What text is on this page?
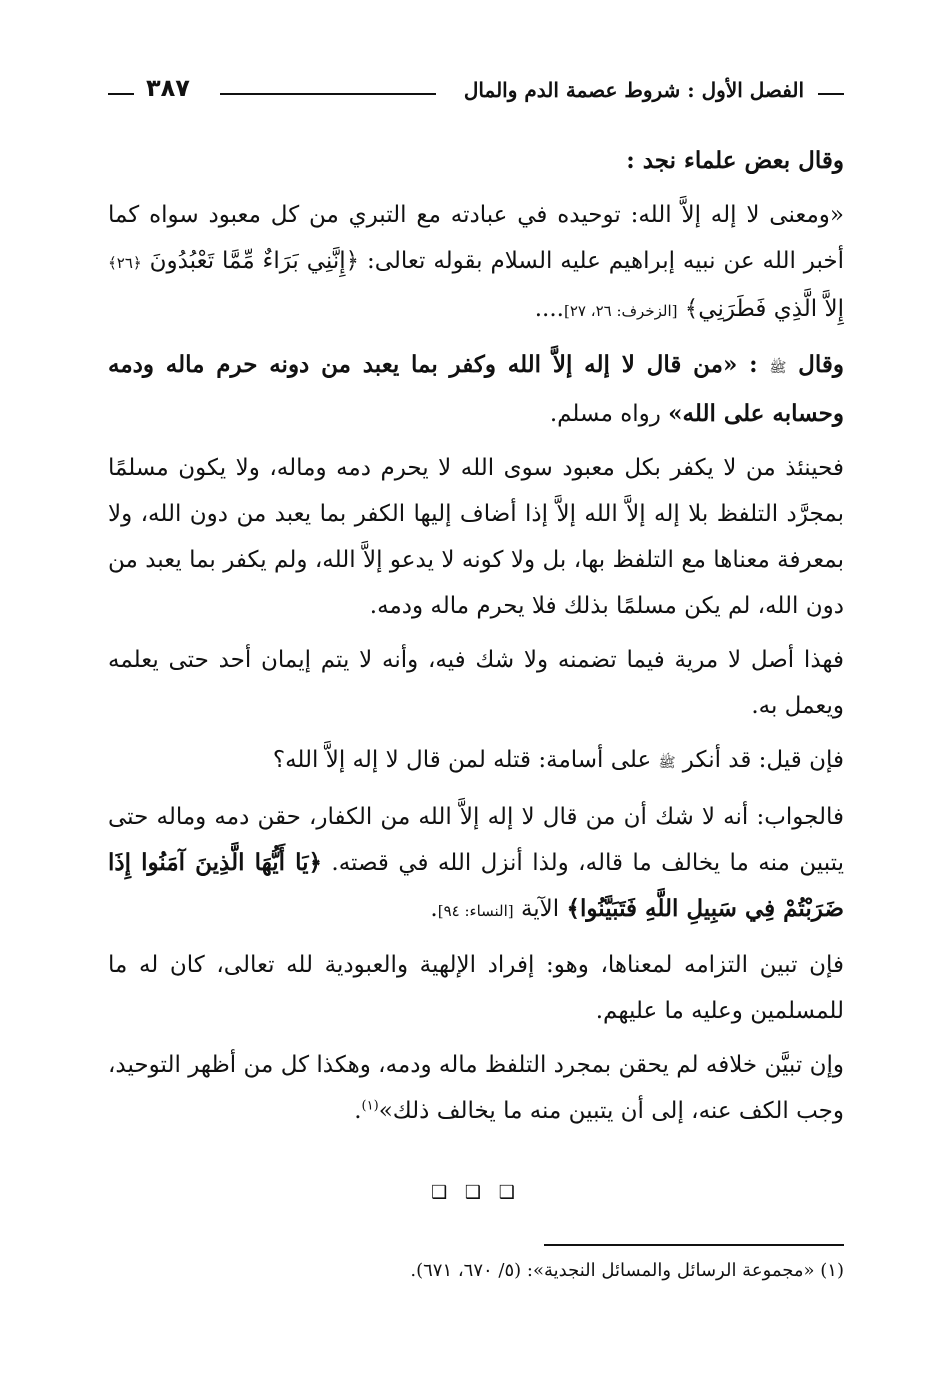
الفصل الأول : شروط عصمة الدم والمال
٣٨٧

وقال بعض علماء نجد :

«ومعنى لا إله إلاَّ الله: توحيده في عبادته مع التبري من كل معبود سواه كما أخبر الله عن نبيه إبراهيم عليه السلام بقوله تعالى: ﴿إِنَّنِي بَرَاءٌ مِّمَّا تَعْبُدُونَ ﴿٢٦﴾ إِلاَّ الَّذِي فَطَرَنِي﴾ [الزخرف: ٢٦، ٢٧]....

وقال ﷺ : «من قال لا إله إلاَّ الله وكفر بما يعبد من دونه حرم ماله ودمه وحسابه على الله» رواه مسلم.

فحينئذ من لا يكفر بكل معبود سوى الله لا يحرم دمه وماله، ولا يكون مسلمًا بمجرَّد التلفظ بلا إله إلاَّ الله إلاَّ إذا أضاف إليها الكفر بما يعبد من دون الله، ولا بمعرفة معناها مع التلفظ بها، بل ولا كونه لا يدعو إلاَّ الله، ولم يكفر بما يعبد من دون الله، لم يكن مسلمًا بذلك فلا يحرم ماله ودمه.

فهذا أصل لا مرية فيما تضمنه ولا شك فيه، وأنه لا يتم إيمان أحد حتى يعلمه ويعمل به.

فإن قيل: قد أنكر ﷺ على أسامة: قتله لمن قال لا إله إلاَّ الله؟

فالجواب: أنه لا شك أن من قال لا إله إلاَّ الله من الكفار، حقن دمه وماله حتى يتبين منه ما يخالف ما قاله، ولذا أنزل الله في قصته. ﴿يَا أَيُّهَا الَّذِينَ آمَنُوا إِذَا ضَرَبْتُمْ فِي سَبِيلِ اللَّهِ فَتَبَيَّنُوا﴾ الآية [النساء: ٩٤].

فإن تبين التزامه لمعناها، وهو: إفراد الإلهية والعبودية لله تعالى، كان له ما للمسلمين وعليه ما عليهم.

وإن تبيَّن خلافه لم يحقن بمجرد التلفظ ماله ودمه، وهكذا كل من أظهر التوحيد، وجب الكف عنه، إلى أن يتبين منه ما يخالف ذلك»$^{(١)}$.

❑ ❑ ❑
(١) «مجموعة الرسائل والمسائل النجدية»: (٥/ ٦٧٠، ٦٧١).
